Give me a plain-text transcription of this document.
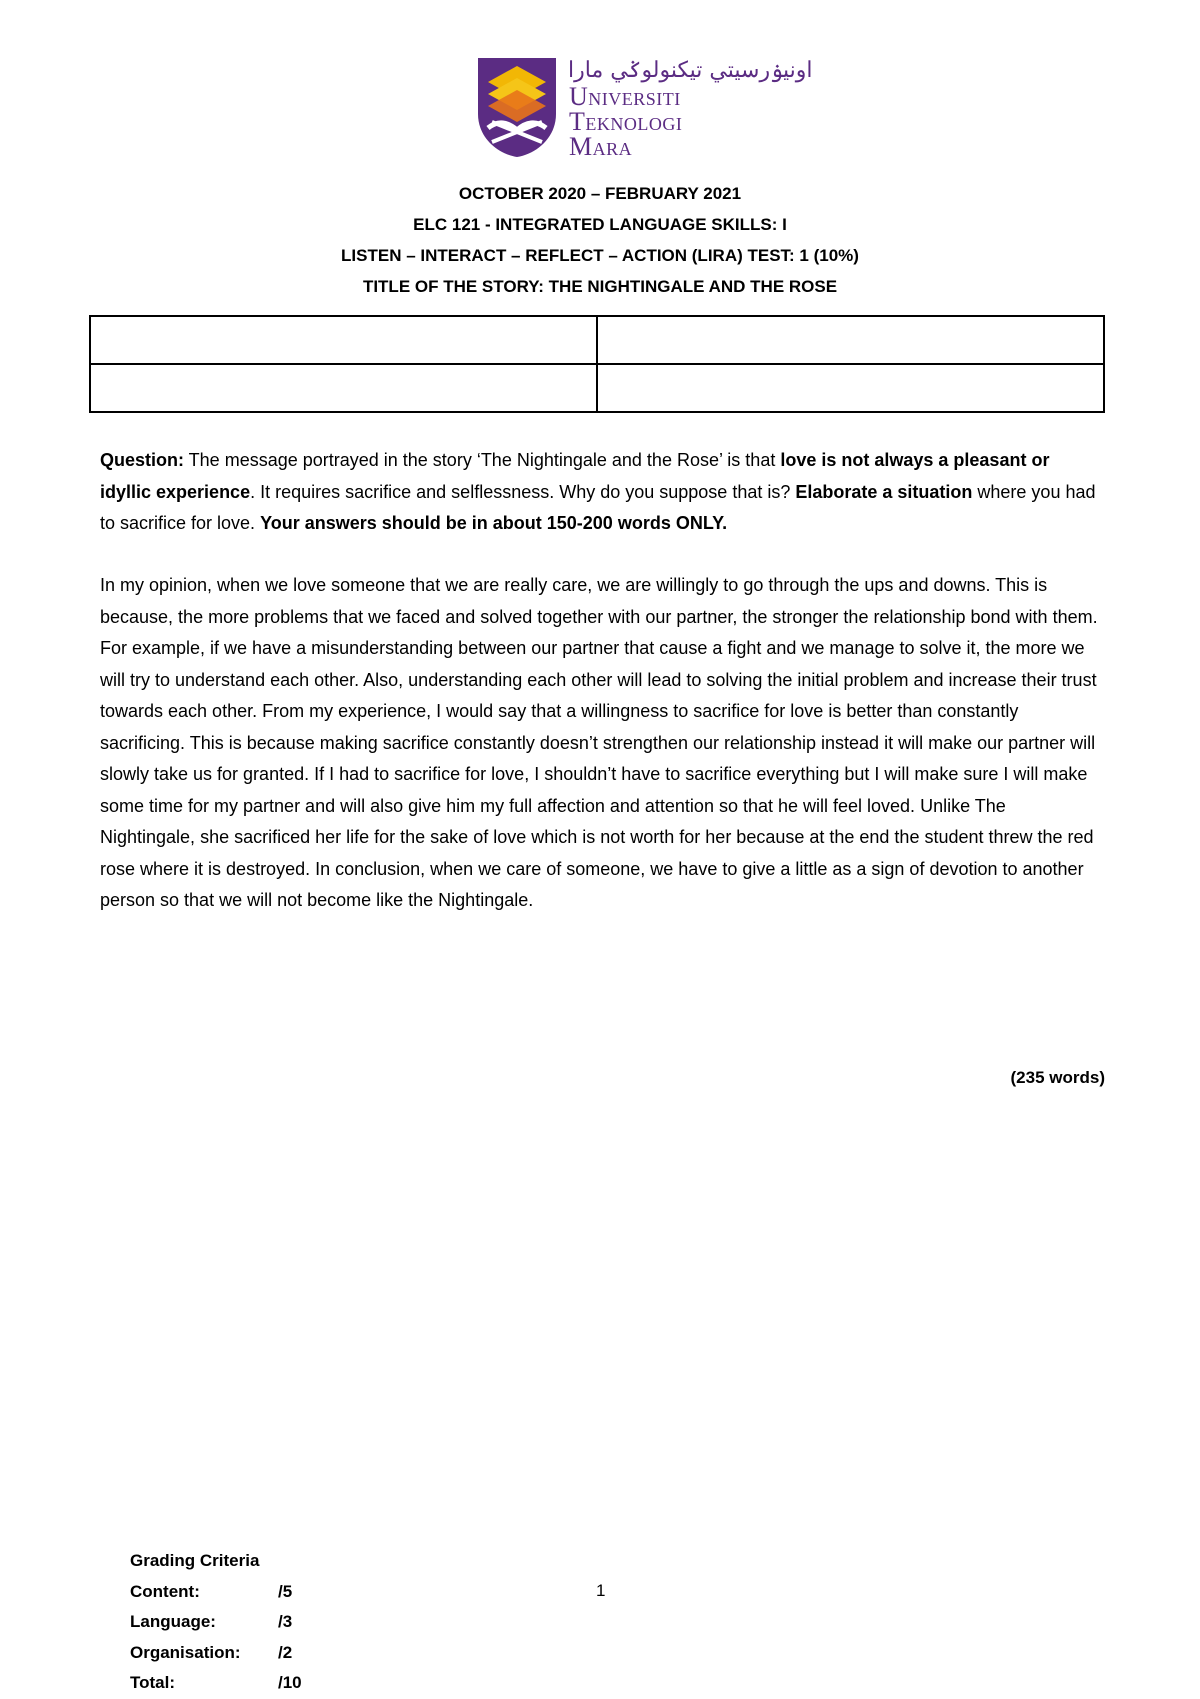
اونيۏرسيتي تيکنولوݢي مارا
Universiti
Teknologi
Mara
OCTOBER 2020 – FEBRUARY 2021
ELC 121 - INTEGRATED LANGUAGE SKILLS: I
LISTEN – INTERACT – REFLECT – ACTION (LIRA) TEST: 1 (10%)
TITLE OF THE STORY: THE NIGHTINGALE AND THE ROSE

Question: The message portrayed in the story ‘The Nightingale and the Rose’ is that love is not always a pleasant or idyllic experience. It requires sacrifice and selflessness. Why do you suppose that is? Elaborate a situation where you had to sacrifice for love. Your answers should be in about 150-200 words ONLY.
In my opinion, when we love someone that we are really care, we are willingly to go through the ups and downs. This is because, the more problems that we faced and solved together with our partner, the stronger the relationship bond with them. For example, if we have a misunderstanding between our partner that cause a fight and we manage to solve it, the more we will try to understand each other. Also, understanding each other will lead to solving the initial problem and increase their trust towards each other. From my experience, I would say that a willingness to sacrifice for love is better than constantly sacrificing. This is because making sacrifice constantly doesn’t strengthen our relationship instead it will make our partner will slowly take us for granted. If I had to sacrifice for love, I shouldn’t have to sacrifice everything but I will make sure I will make some time for my partner and will also give him my full affection and attention so that he will feel loved. Unlike The Nightingale, she sacrificed her life for the sake of love which is not worth for her because at the end the student threw the red rose where it is destroyed. In conclusion, when we care of someone, we have to give a little as a sign of devotion to another person so that we will not become like the Nightingale.
(235 words)
Grading Criteria
Content:	/5
Language:	/3
Organisation:	/2
Total:	/10
1
